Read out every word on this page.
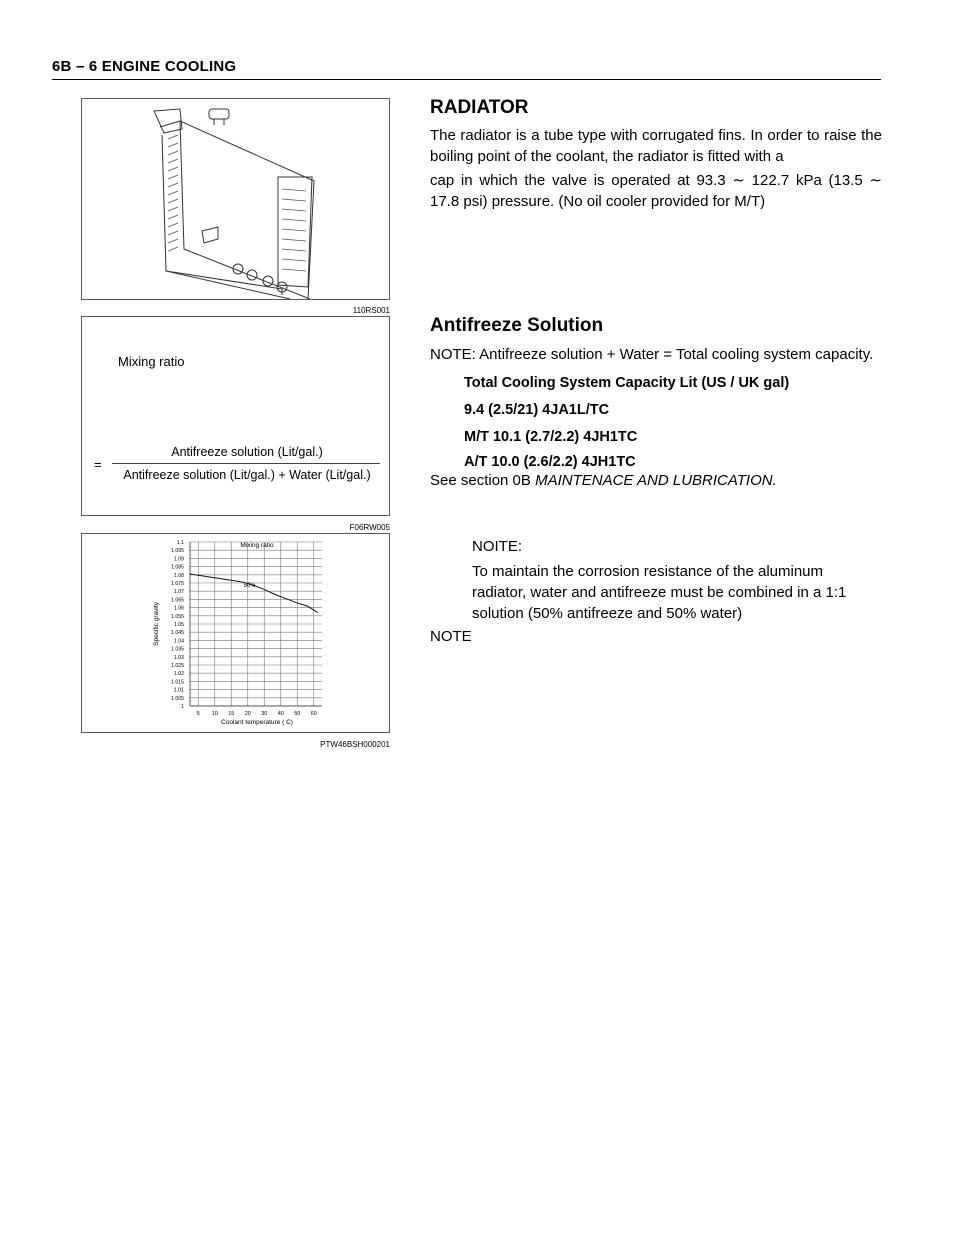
6B – 6 ENGINE COOLING
110RS001
Mixing ratio
=
Antifreeze solution (Lit/gal.)
Antifreeze solution (Lit/gal.) + Water (Lit/gal.)
F06RW005
1
1.005
1.01
1.015
1.02
1.025
1.03
1.035
1.04
1.045
1.05
1.055
1.06
1.065
1.07
1.075
1.08
1.085
1.09
1.095
1.1
5 10 15 20 30 40 50 60
Mixing ratio
50%
Coolant temperature ( C)
Specific gravity
PTW46BSH000201
RADIATOR

The radiator is a tube type with corrugated fins. In order to raise the boiling point of the coolant, the radiator is fitted with a

cap in which the valve is operated at 93.3 ∼ 122.7 kPa (13.5 ∼ 17.8 psi) pressure. (No oil cooler provided for M/T)

Antifreeze Solution

NOTE: Antifreeze solution + Water = Total cooling system capacity.

Total Cooling System Capacity Lit (US / UK gal)
9.4 (2.5/21) 4JA1L/TC
M/T 10.1 (2.7/2.2) 4JH1TC
A/T 10.0 (2.6/2.2) 4JH1TC
See section 0B MAINTENACE AND LUBRICATION.
NOITE:
To maintain the corrosion resistance of the aluminum
radiator, water and antifreeze must be combined in a 1:1
solution (50% antifreeze and 50% water)
NOTE
